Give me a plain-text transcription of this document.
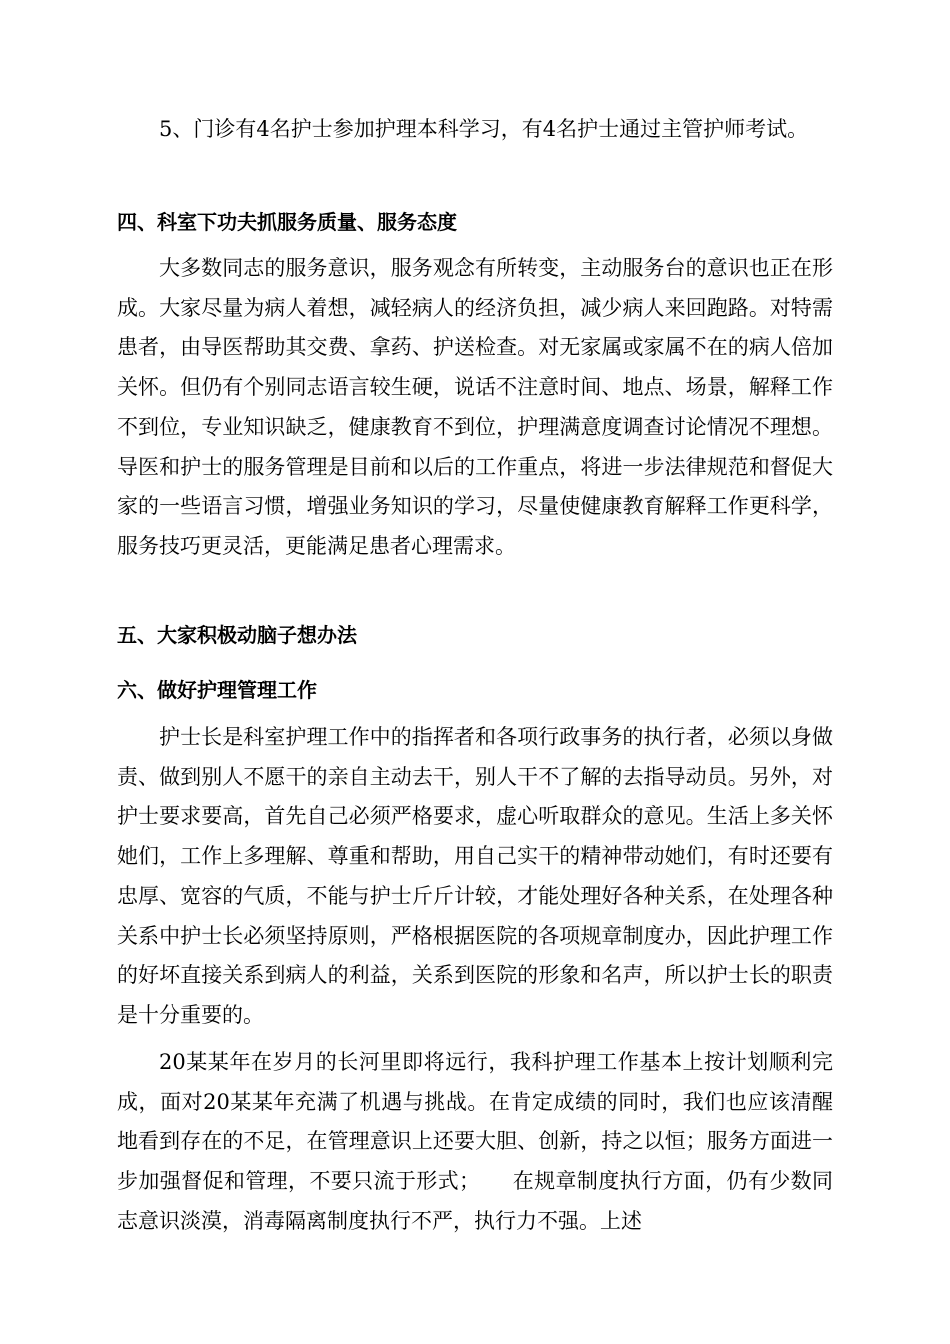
5、门诊有4名护士参加护理本科学习，有4名护士通过主管护师考试。

四、科室下功夫抓服务质量、服务态度

大多数同志的服务意识，服务观念有所转变，主动服务台的意识也正在形成。大家尽量为病人着想，减轻病人的经济负担，减少病人来回跑路。对特需患者，由导医帮助其交费、拿药、护送检查。对无家属或家属不在的病人倍加关怀。但仍有个别同志语言较生硬，说话不注意时间、地点、场景，解释工作不到位，专业知识缺乏，健康教育不到位，护理满意度调查讨论情况不理想。导医和护士的服务管理是目前和以后的工作重点，将进一步法律规范和督促大家的一些语言习惯，增强业务知识的学习，尽量使健康教育解释工作更科学，服务技巧更灵活，更能满足患者心理需求。

五、大家积极动脑子想办法
六、做好护理管理工作

护士长是科室护理工作中的指挥者和各项行政事务的执行者，必须以身做责、做到别人不愿干的亲自主动去干，别人干不了解的去指导动员。另外，对护士要求要高，首先自己必须严格要求，虚心听取群众的意见。生活上多关怀她们，工作上多理解、尊重和帮助，用自己实干的精神带动她们，有时还要有忠厚、宽容的气质，不能与护士斤斤计较，才能处理好各种关系，在处理各种关系中护士长必须坚持原则，严格根据医院的各项规章制度办，因此护理工作的好坏直接关系到病人的利益，关系到医院的形象和名声，所以护士长的职责是十分重要的。

20某某年在岁月的长河里即将远行，我科护理工作基本上按计划顺利完成，面对20某某年充满了机遇与挑战。在肯定成绩的同时，我们也应该清醒地看到存在的不足，在管理意识上还要大胆、创新，持之以恒；服务方面进一步加强督促和管理，不要只流于形式；　　在规章制度执行方面，仍有少数同志意识淡漠，消毒隔离制度执行不严，执行力不强。上述
